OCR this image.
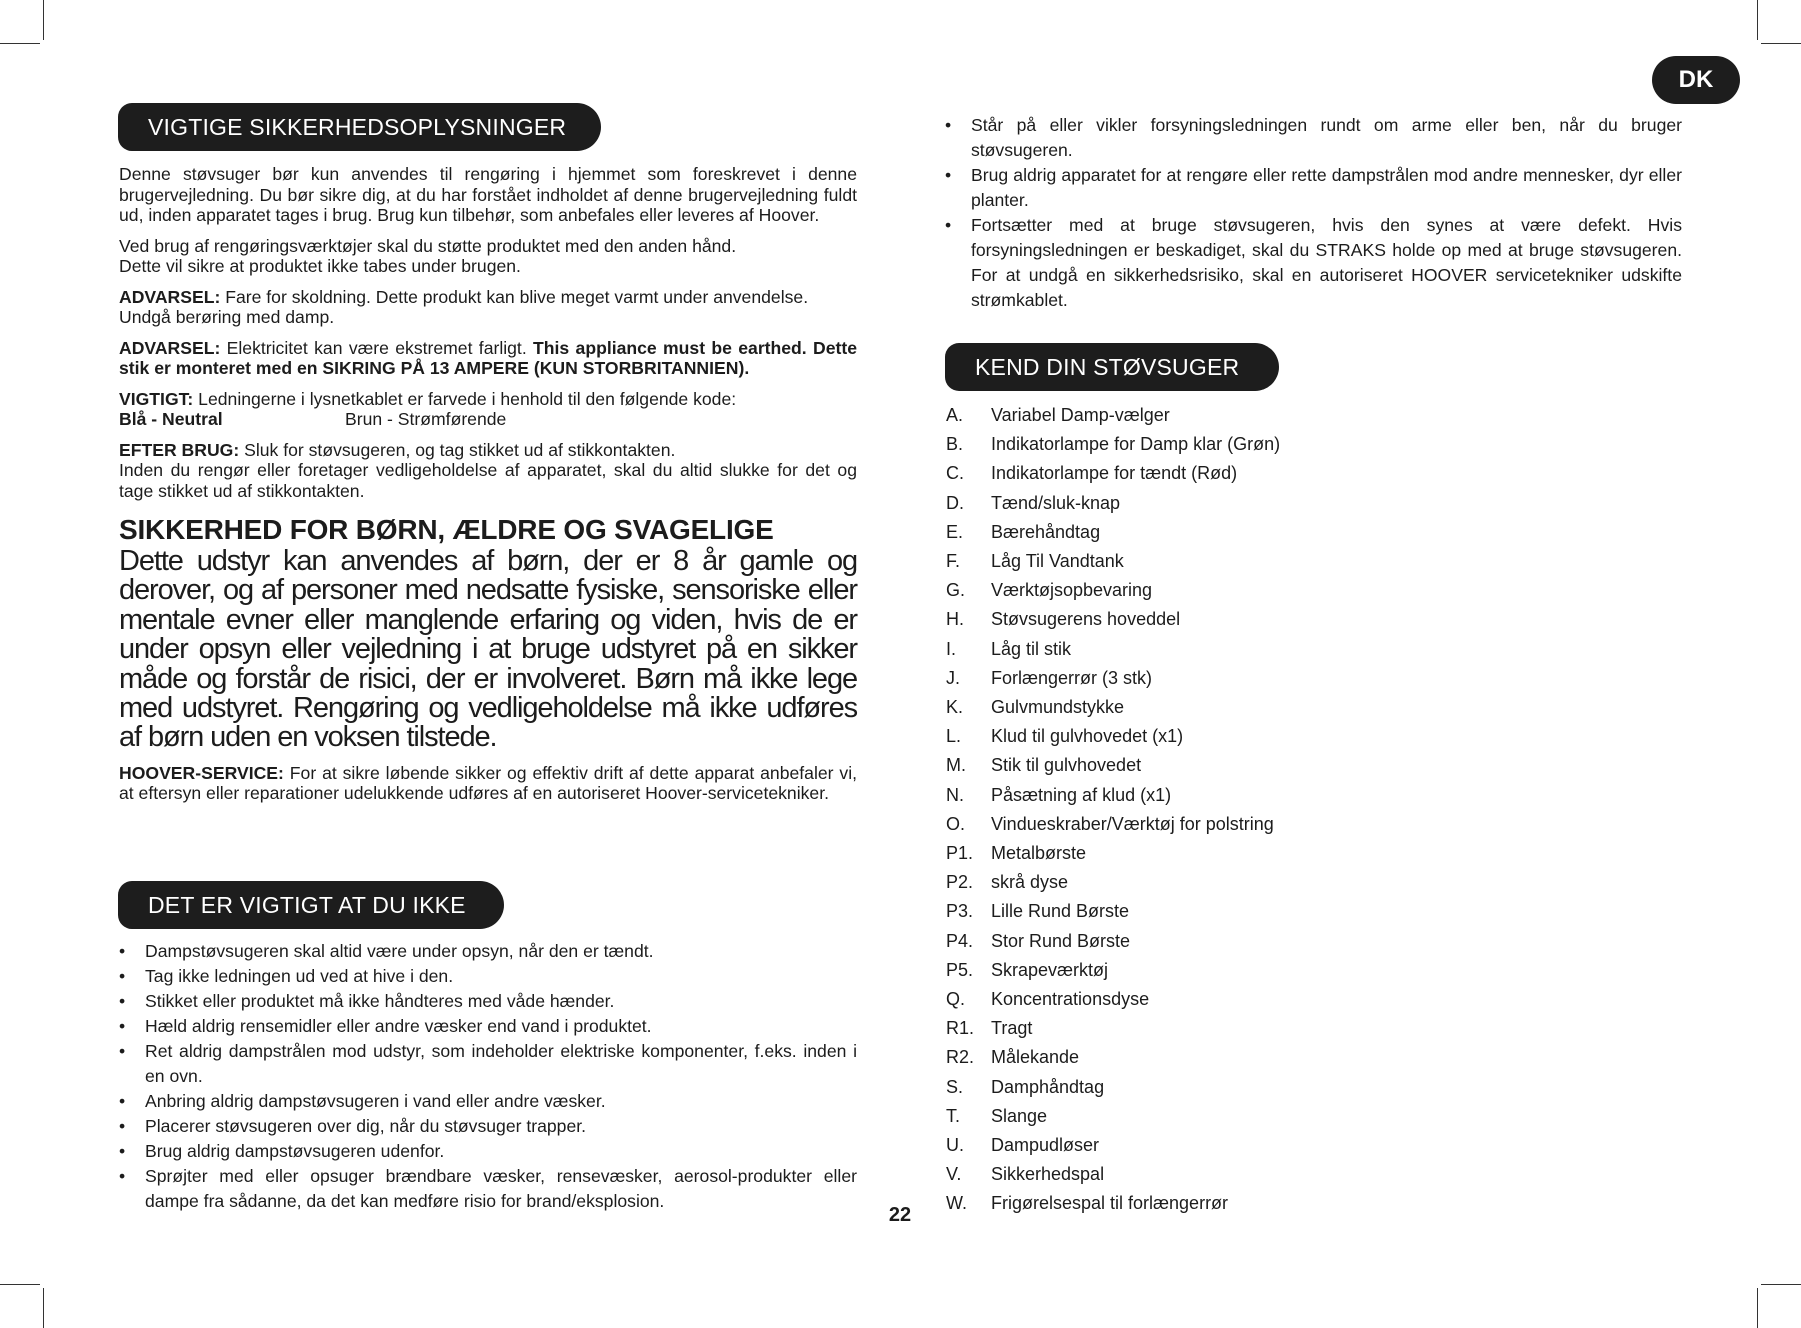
DK
VIGTIGE SIKKERHEDSOPLYSNINGER

Denne støvsuger bør kun anvendes til rengøring i hjemmet som foreskrevet i denne brugervejledning. Du bør sikre dig, at du har forstået indholdet af denne brugervejledning fuldt ud, inden apparatet tages i brug. Brug kun tilbehør, som anbefales eller leveres af Hoover.

Ved brug af rengøringsværktøjer skal du støtte produktet med den anden hånd.
Dette vil sikre at produktet ikke tabes under brugen.

ADVARSEL: Fare for skoldning. Dette produkt kan blive meget varmt under anvendelse. Undgå berøring med damp.

ADVARSEL: Elektricitet kan være ekstremet farligt. This appliance must be earthed. Dette stik er monteret med en SIKRING PÅ 13 AMPERE (KUN STORBRITANNIEN).

VIGTIGT: Ledningerne i lysnetkablet er farvede i henhold til den følgende kode:
Blå - Neutral	Brun - Strømførende

EFTER BRUG: Sluk for støvsugeren, og tag stikket ud af stikkontakten.
Inden du rengør eller foretager vedligeholdelse af apparatet, skal du altid slukke for det og tage stikket ud af stikkontakten.

SIKKERHED FOR BØRN, ÆLDRE OG SVAGELIGE
Dette udstyr kan anvendes af børn, der er 8 år gamle og derover, og af personer med nedsatte fysiske, sensoriske eller mentale evner eller manglende erfaring og viden, hvis de er under opsyn eller vejledning i at bruge udstyret på en sikker måde og forstår de risici, der er involveret. Børn må ikke lege med udstyret. Rengøring og vedligeholdelse må ikke udføres af børn uden en voksen tilstede.

HOOVER-SERVICE: For at sikre løbende sikker og effektiv drift af dette apparat anbefaler vi, at eftersyn eller reparationer udelukkende udføres af en autoriseret Hoover-servicetekniker.

DET ER VIGTIGT AT DU IKKE
• Dampstøvsugeren skal altid være under opsyn, når den er tændt.
• Tag ikke ledningen ud ved at hive i den.
• Stikket eller produktet må ikke håndteres med våde hænder.
• Hæld aldrig rensemidler eller andre væsker end vand i produktet.
• Ret aldrig dampstrålen mod udstyr, som indeholder elektriske komponenter, f.eks. inden i en ovn.
• Anbring aldrig dampstøvsugeren i vand eller andre væsker.
• Placerer støvsugeren over dig, når du støvsuger trapper.
• Brug aldrig dampstøvsugeren udenfor.
• Sprøjter med eller opsuger brændbare væsker, rensevæsker, aerosol-produkter eller dampe fra sådanne, da det kan medføre risio for brand/eksplosion.
22
• Står på eller vikler forsyningsledningen rundt om arme eller ben, når du bruger støvsugeren.
• Brug aldrig apparatet for at rengøre eller rette dampstrålen mod andre mennesker, dyr eller planter.
• Fortsætter med at bruge støvsugeren, hvis den synes at være defekt. Hvis forsyningsledningen er beskadiget, skal du STRAKS holde op med at bruge støvsugeren. For at undgå en sikkerhedsrisiko, skal en autoriseret HOOVER servicetekniker udskifte strømkablet.
KEND DIN STØVSUGER
A.	Variabel Damp-vælger
B.	Indikatorlampe for Damp klar (Grøn)
C.	Indikatorlampe for tændt (Rød)
D.	Tænd/sluk-knap
E.	Bærehåndtag
F.	Låg Til Vandtank
G.	Værktøjsopbevaring
H.	Støvsugerens hoveddel
I.	Låg til stik
J.	Forlængerrør (3 stk)
K.	Gulvmundstykke
L.	Klud til gulvhovedet (x1)
M.	Stik til gulvhovedet
N.	Påsætning af klud (x1)
O.	Vindueskraber/Værktøj for polstring
P1. Metalbørste
P2. skrå dyse
P3. Lille Rund Børste
P4. Stor Rund Børste
P5. Skrapeværktøj
Q.	Koncentrationsdyse
R1. Tragt
R2. Målekande
S.	Damphåndtag
T.	Slange
U.	Dampudløser
V.	Sikkerhedspal
W.	Frigørelsespal til forlængerrør
